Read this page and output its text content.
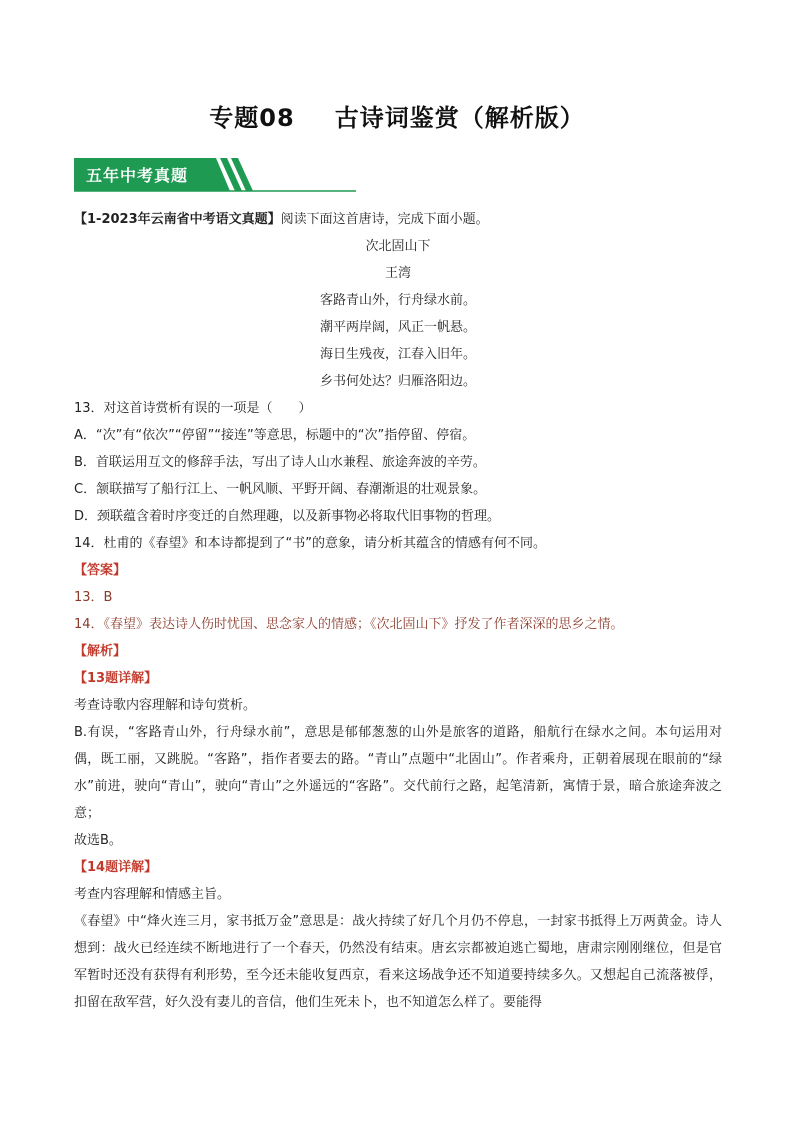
专题08 古诗词鉴赏（解析版）
五年中考真题
【1-2023年云南省中考语文真题】阅读下面这首唐诗，完成下面小题。
次北固山下
王湾
客路青山外，行舟绿水前。
潮平两岸阔，风正一帆悬。
海日生残夜，江春入旧年。
乡书何处达？归雁洛阳边。
13．对这首诗赏析有误的一项是（　　）
A．“次”有“依次”“停留”“接连”等意思，标题中的“次”指停留、停宿。
B．首联运用互文的修辞手法，写出了诗人山水兼程、旅途奔波的辛劳。
C．颔联描写了船行江上、一帆风顺、平野开阔、春潮渐退的壮观景象。
D．颈联蕴含着时序变迁的自然理趣，以及新事物必将取代旧事物的哲理。
14．杜甫的《春望》和本诗都提到了“书”的意象，请分析其蕴含的情感有何不同。
【答案】
13．B
14．《春望》表达诗人伤时忧国、思念家人的情感；《次北固山下》抒发了作者深深的思乡之情。
【解析】
【13题详解】
考查诗歌内容理解和诗句赏析。
B.有误，“客路青山外，行舟绿水前”，意思是郁郁葱葱的山外是旅客的道路，船航行在绿水之间。本句运用对偶，既工丽，又跳脱。“客路”，指作者要去的路。“青山”点题中“北固山”。作者乘舟，正朝着展现在眼前的“绿水”前进，驶向“青山”，驶向“青山”之外遥远的“客路”。交代前行之路，起笔清新，寓情于景，暗合旅途奔波之意；
故选B。
【14题详解】
考查内容理解和情感主旨。
《春望》中“烽火连三月，家书抵万金”意思是：战火持续了好几个月仍不停息，一封家书抵得上万两黄金。诗人想到：战火已经连续不断地进行了一个春天，仍然没有结束。唐玄宗都被迫逃亡蜀地，唐肃宗刚刚继位，但是官军暂时还没有获得有利形势，至今还未能收复西京，看来这场战争还不知道要持续多久。又想起自己流落被俘，扣留在敌军营，好久没有妻儿的音信，他们生死未卜，也不知道怎么样了。要能得
